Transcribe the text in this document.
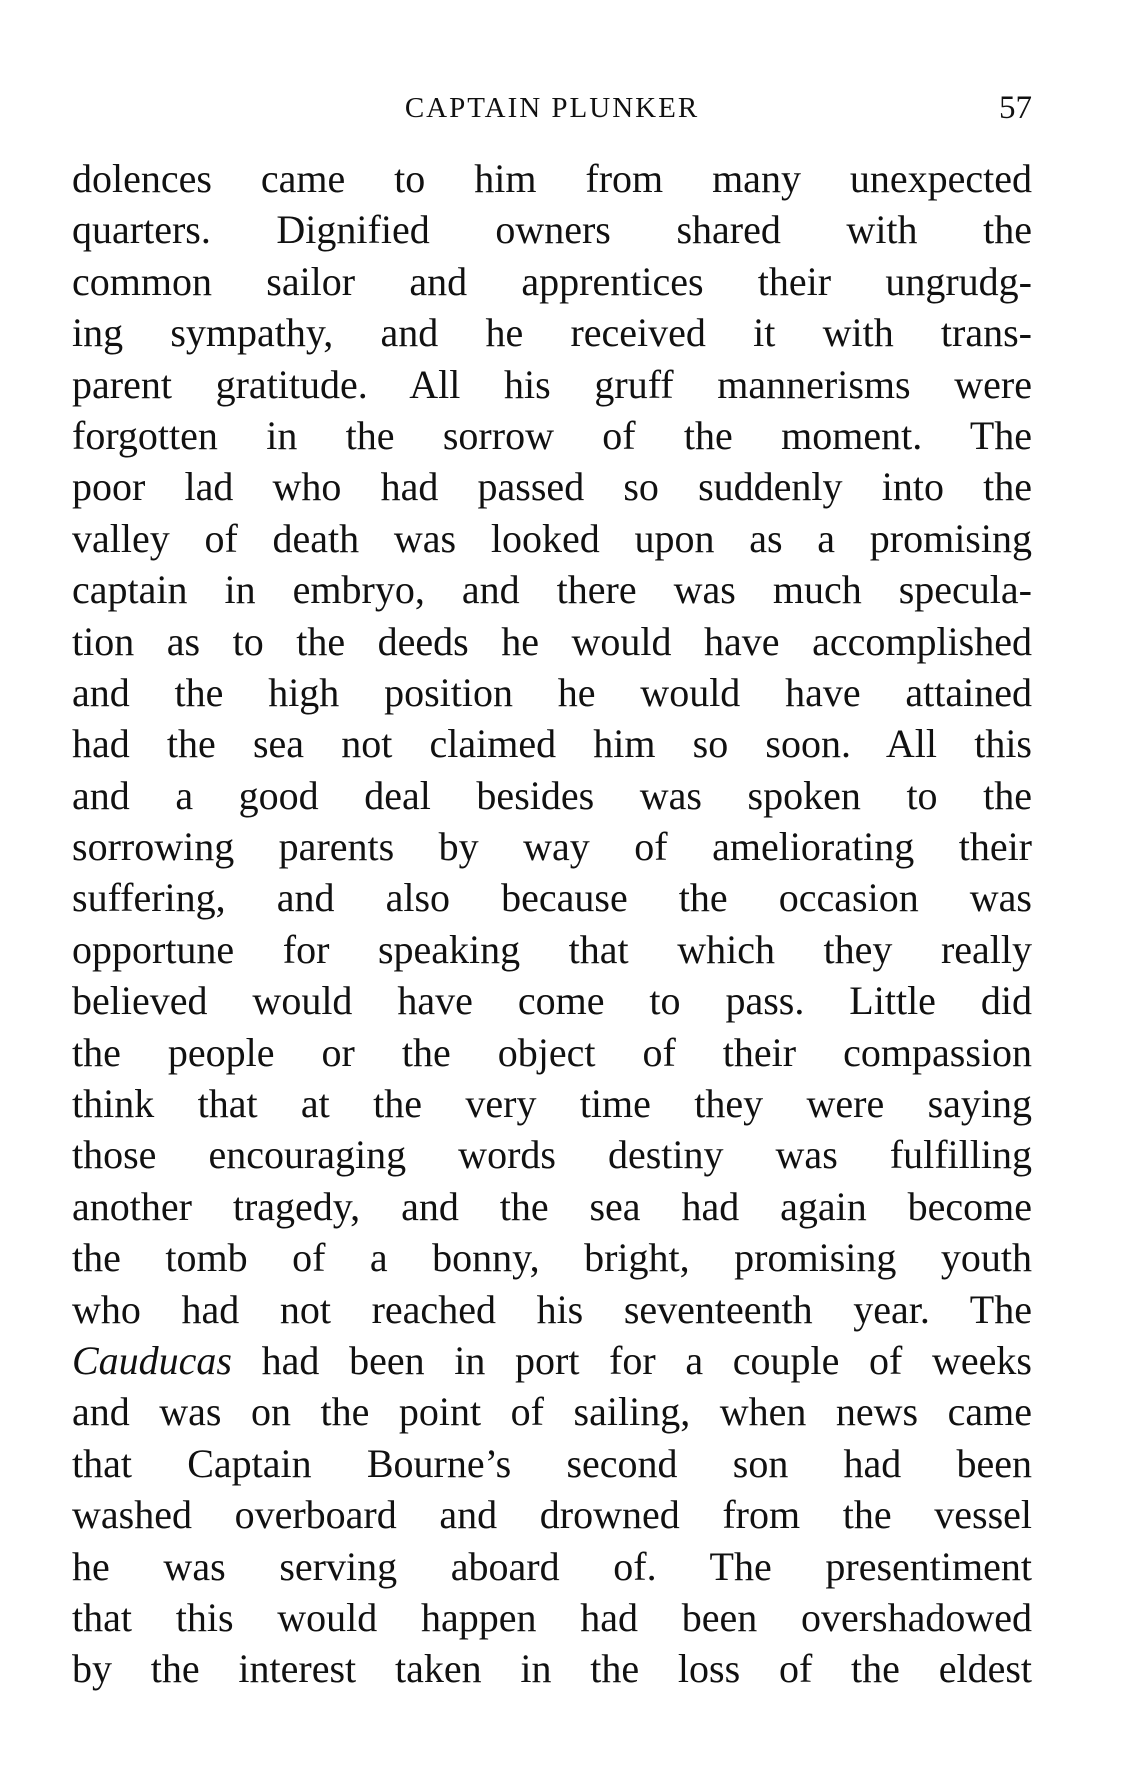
CAPTAIN PLUNKER	57
dolences came to him from many unexpected
quarters. Dignified owners shared with the
common sailor and apprentices their ungrudg-
ing sympathy, and he received it with trans-
parent gratitude. All his gruff mannerisms were
forgotten in the sorrow of the moment. The
poor lad who had passed so suddenly into the
valley of death was looked upon as a promising
captain in embryo, and there was much specula-
tion as to the deeds he would have accomplished
and the high position he would have attained
had the sea not claimed him so soon. All this
and a good deal besides was spoken to the
sorrowing parents by way of ameliorating their
suffering, and also because the occasion was
opportune for speaking that which they really
believed would have come to pass. Little did
the people or the object of their compassion
think that at the very time they were saying
those encouraging words destiny was fulfilling
another tragedy, and the sea had again become
the tomb of a bonny, bright, promising youth
who had not reached his seventeenth year. The
Cauducas had been in port for a couple of weeks
and was on the point of sailing, when news came
that Captain Bourne’s second son had been
washed overboard and drowned from the vessel
he was serving aboard of. The presentiment
that this would happen had been overshadowed
by the interest taken in the loss of the eldest
